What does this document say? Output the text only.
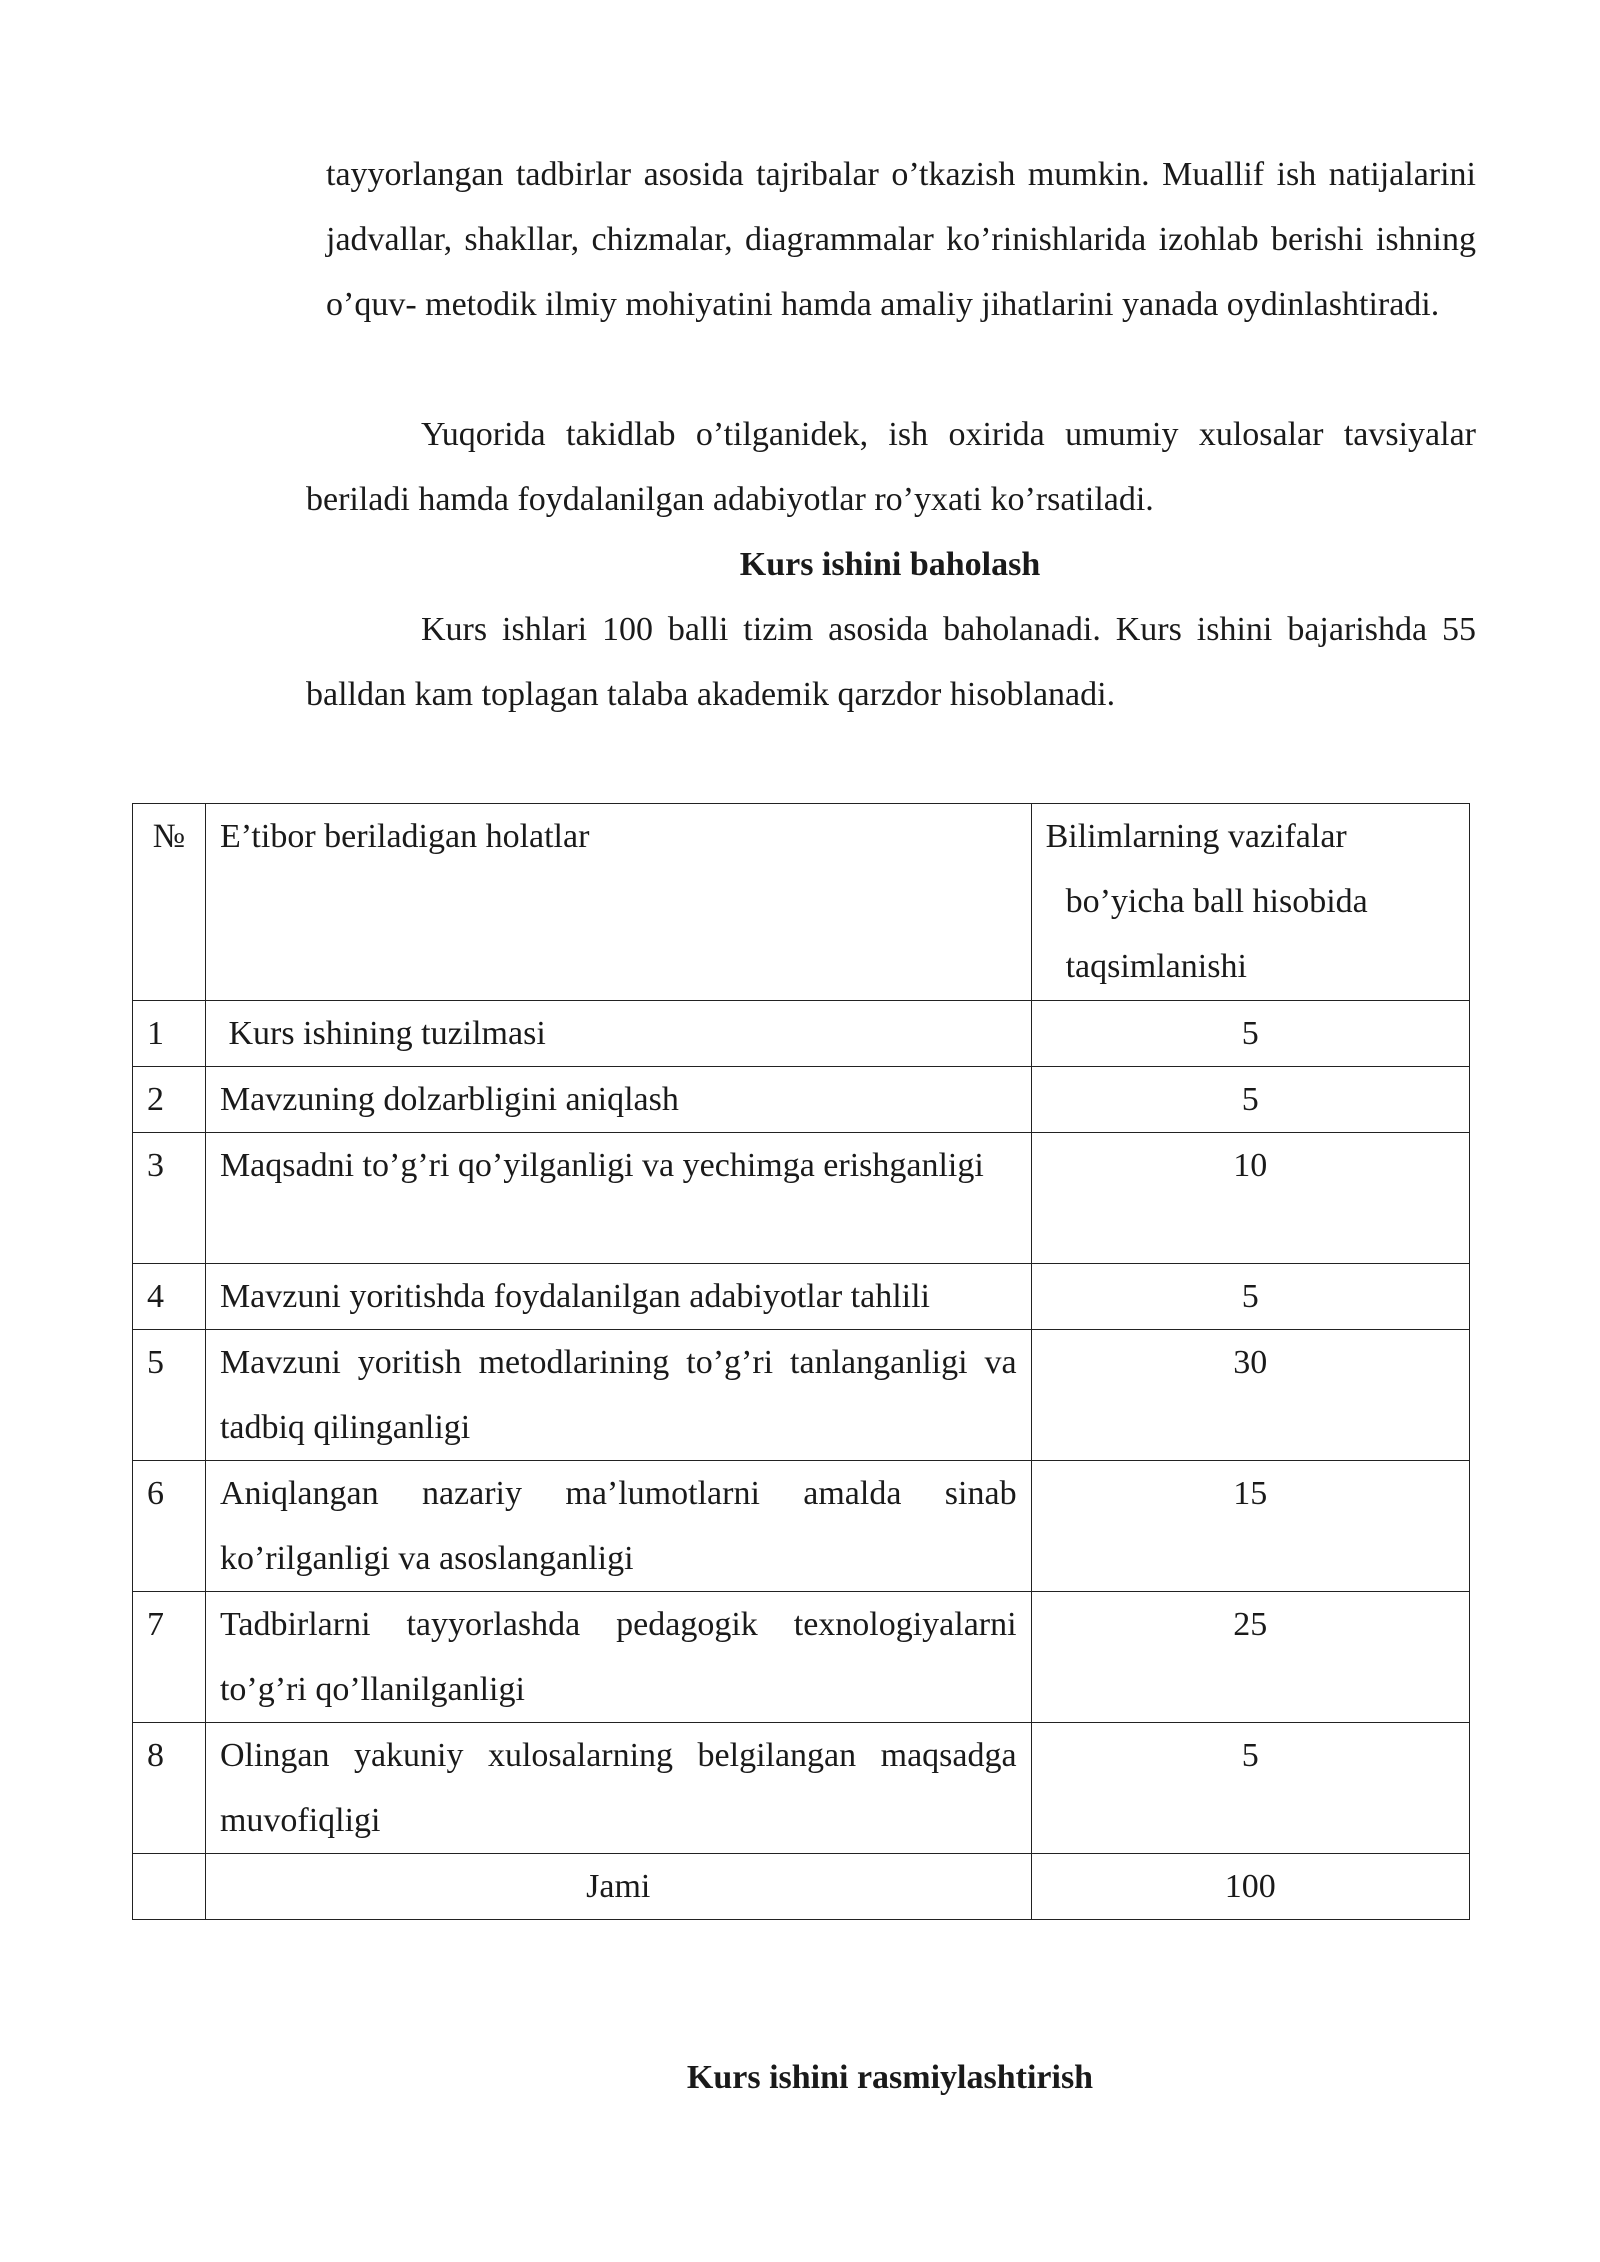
tayyorlangan tadbirlar asosida tajribalar o’tkazish mumkin. Muallif ish natijalarini jadvallar, shakllar, chizmalar, diagrammalar ko’rinishlarida izohlab berishi ishning o’quv- metodik ilmiy mohiyatini hamda amaliy jihatlarini yanada oydinlashtiradi.

Yuqorida takidlab o’tilganidek, ish oxirida umumiy xulosalar tavsiyalar beriladi hamda foydalanilgan adabiyotlar ro’yxati ko’rsatiladi.

Kurs ishini baholash

Kurs ishlari 100 balli tizim asosida baholanadi. Kurs ishini bajarishda 55 balldan kam toplagan talaba akademik qarzdor hisoblanadi.

№	E’tibor beriladigan holatlar	Bilimlarning vazifalar
bo’yicha ball hisobida
taqsimlanishi

1	Kurs ishining tuzilmasi	5
2	Mavzuning dolzarbligini aniqlash	5
3	Maqsadni to’g’ri qo’yilganligi va yechimga erishganligi	10
4	Mavzuni yoritishda foydalanilgan adabiyotlar tahlili	5
5	Mavzuni yoritish metodlarining to’g’ri tanlanganligi va tadbiq qilinganligi	30
6	Aniqlangan nazariy ma’lumotlarni amalda sinab ko’rilganligi va asoslanganligi	15
7	Tadbirlarni tayyorlashda pedagogik texnologiyalarni to’g’ri qo’llanilganligi	25
8	Olingan yakuniy xulosalarning belgilangan maqsadga muvofiqligi	5
	Jami	100
Kurs ishini rasmiylashtirish
